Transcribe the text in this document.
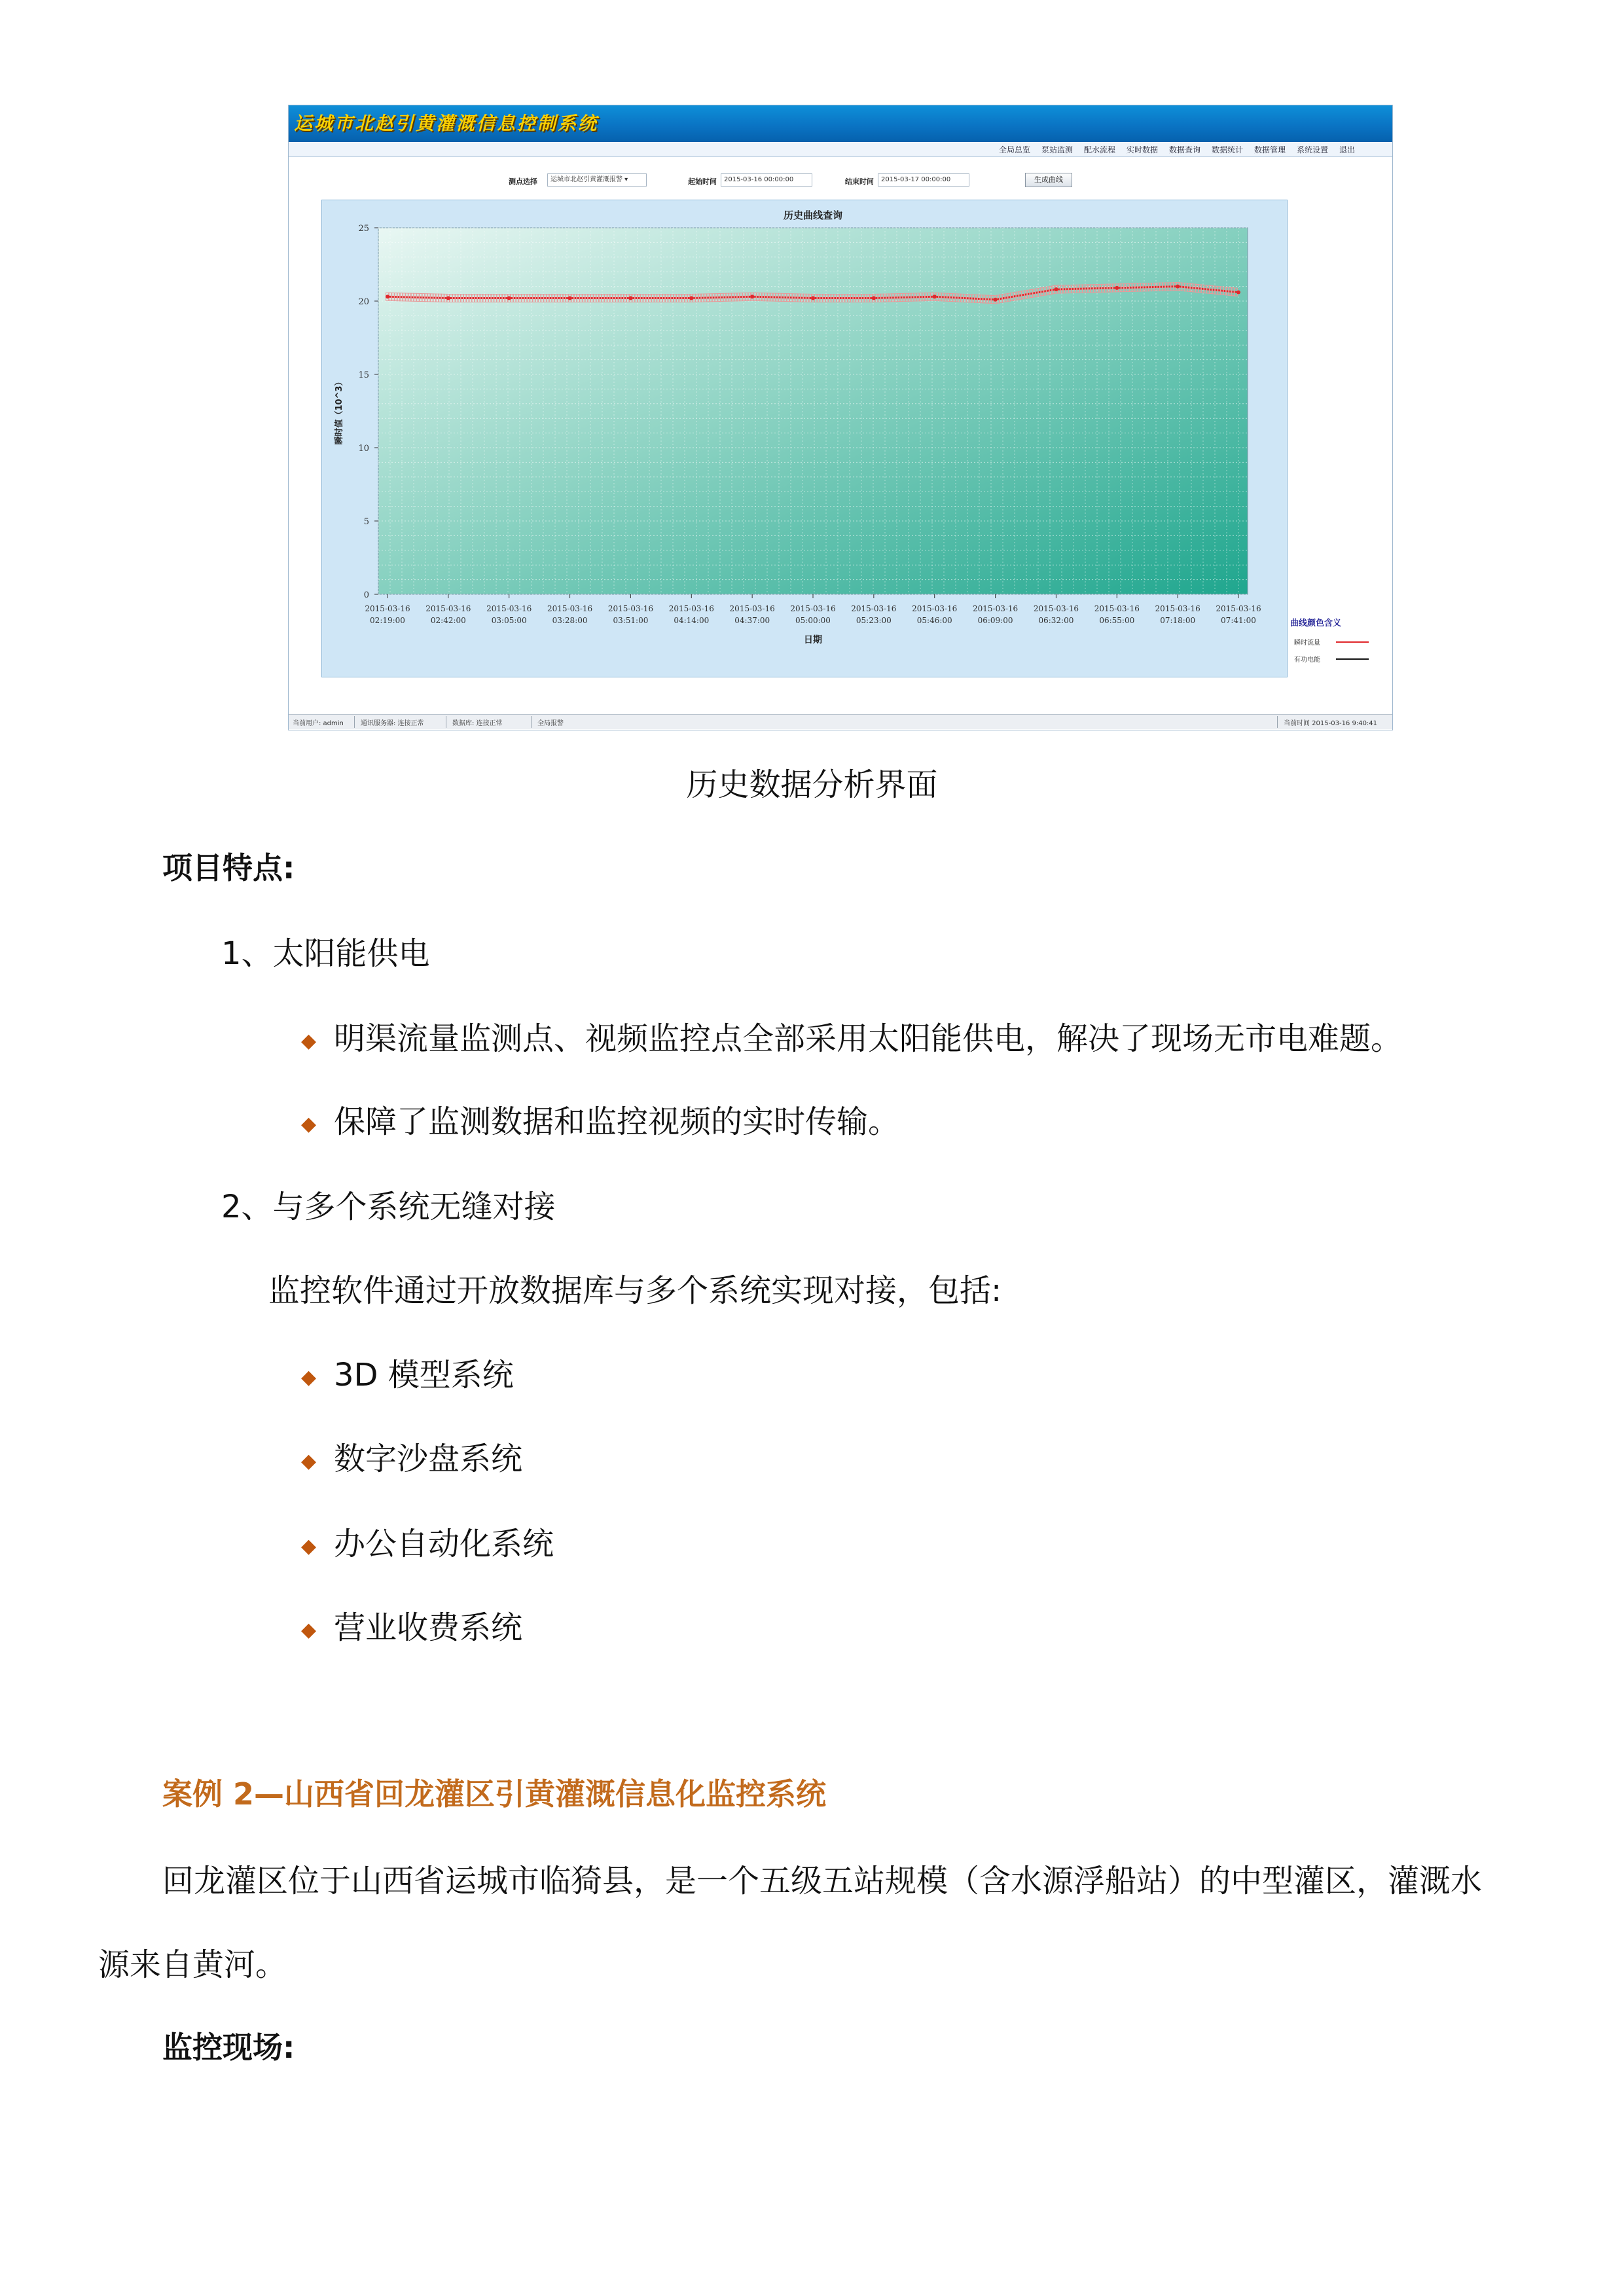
运城市北赵引黄灌溉信息控制系统
全局总览 泵站监测 配水流程 实时数据 数据查询 数据统计 数据管理 系统设置 退出
测点选择	运城市北赵引黄灌溉报警 ▾	起始时间	2015-03-16 00:00:00	结束时间	2015-03-17 00:00:00	生成曲线
0
5
10
15
20
25
2015-03-16
02:19:00
2015-03-16
02:42:00
2015-03-16
03:05:00
2015-03-16
03:28:00
2015-03-16
03:51:00
2015-03-16
04:14:00
2015-03-16
04:37:00
2015-03-16
05:00:00
2015-03-16
05:23:00
2015-03-16
05:46:00
2015-03-16
06:09:00
2015-03-16
06:32:00
2015-03-16
06:55:00
2015-03-16
07:18:00
2015-03-16
07:41:00
历史曲线查询
日期
瞬时值（10^3）
曲线颜色含义
瞬时流量
有功电能
当前用户: admin	通讯服务器: 连接正常	数据库: 连接正常	全局报警	当前时间 2015-03-16 9:40:41
历史数据分析界面
项目特点:
1、太阳能供电
◆ 明渠流量监测点、视频监控点全部采用太阳能供电，解决了现场无市电难题。
◆ 保障了监测数据和监控视频的实时传输。
2、与多个系统无缝对接
监控软件通过开放数据库与多个系统实现对接，包括:
◆ 3D 模型系统
◆ 数字沙盘系统
◆ 办公自动化系统
◆ 营业收费系统
案例 2—山西省回龙灌区引黄灌溉信息化监控系统
回龙灌区位于山西省运城市临猗县，是一个五级五站规模（含水源浮船站）的中型灌区，灌溉水
源来自黄河。
监控现场:
